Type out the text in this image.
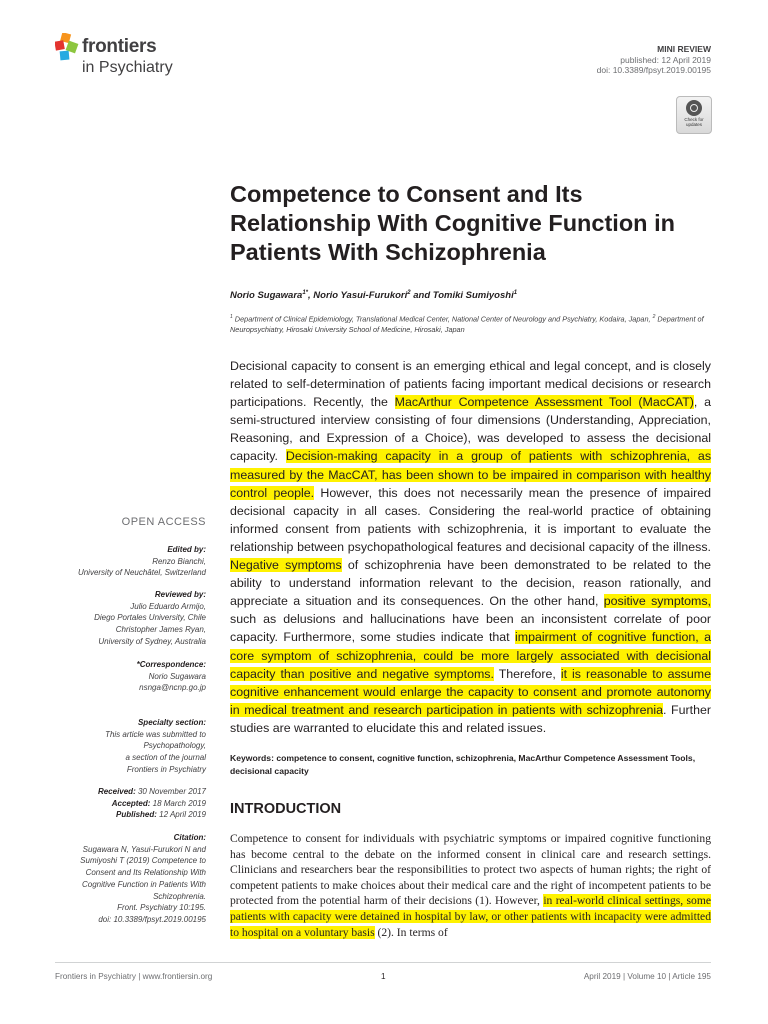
frontiers
in Psychiatry
MINI REVIEW
published: 12 April 2019
doi: 10.3389/fpsyt.2019.00195
Check for
updates
Competence to Consent and Its Relationship With Cognitive Function in Patients With Schizophrenia
Norio Sugawara$^{1*}$, Norio Yasui-Furukori$^2$ and Tomiki Sumiyoshi$^1$
$^1$ Department of Clinical Epidemiology, Translational Medical Center, National Center of Neurology and Psychiatry, Kodaira, Japan, $^2$ Department of Neuropsychiatry, Hirosaki University School of Medicine, Hirosaki, Japan
Decisional capacity to consent is an emerging ethical and legal concept, and is closely related to self-determination of patients facing important medical decisions or research participations. Recently, the MacArthur Competence Assessment Tool (MacCAT), a semi-structured interview consisting of four dimensions (Understanding, Appreciation, Reasoning, and Expression of a Choice), was developed to assess the decisional capacity. Decision-making capacity in a group of patients with schizophrenia, as measured by the MacCAT, has been shown to be impaired in comparison with healthy control people. However, this does not necessarily mean the presence of impaired decisional capacity in all cases. Considering the real-world practice of obtaining informed consent from patients with schizophrenia, it is important to evaluate the relationship between psychopathological features and decisional capacity of the illness. Negative symptoms of schizophrenia have been demonstrated to be related to the ability to understand information relevant to the decision, reason rationally, and appreciate a situation and its consequences. On the other hand, positive symptoms, such as delusions and hallucinations have been an inconsistent correlate of poor capacity. Furthermore, some studies indicate that impairment of cognitive function, a core symptom of schizophrenia, could be more largely associated with decisional capacity than positive and negative symptoms. Therefore, it is reasonable to assume cognitive enhancement would enlarge the capacity to consent and promote autonomy in medical treatment and research participation in patients with schizophrenia. Further studies are warranted to elucidate this and related issues.
Keywords: competence to consent, cognitive function, schizophrenia, MacArthur Competence Assessment Tools, decisional capacity
INTRODUCTION
Competence to consent for individuals with psychiatric symptoms or impaired cognitive functioning has become central to the debate on the informed consent in clinical care and research settings. Clinicians and researchers bear the responsibilities to protect two aspects of human rights; the right of competent patients to make choices about their medical care and the right of incompetent patients to be protected from the potential harm of their decisions (1). However, in real-world clinical settings, some patients with capacity were detained in hospital by law, or other patients with incapacity were admitted to hospital on a voluntary basis (2). In terms of
OPEN ACCESS
Edited by:
Renzo Bianchi,
University of Neuchâtel, Switzerland
Reviewed by:
Julio Eduardo Armijo,
Diego Portales University, Chile
Christopher James Ryan,
University of Sydney, Australia
*Correspondence:
Norio Sugawara
nsnga@ncnp.go.jp
Specialty section:
This article was submitted to
Psychopathology,
a section of the journal
Frontiers in Psychiatry
Received: 30 November 2017
Accepted: 18 March 2019
Published: 12 April 2019
Citation:
Sugawara N, Yasui-Furukori N and
Sumiyoshi T (2019) Competence to
Consent and Its Relationship With
Cognitive Function in Patients With
Schizophrenia.
Front. Psychiatry 10:195.
doi: 10.3389/fpsyt.2019.00195
Frontiers in Psychiatry | www.frontiersin.org	1	April 2019 | Volume 10 | Article 195
